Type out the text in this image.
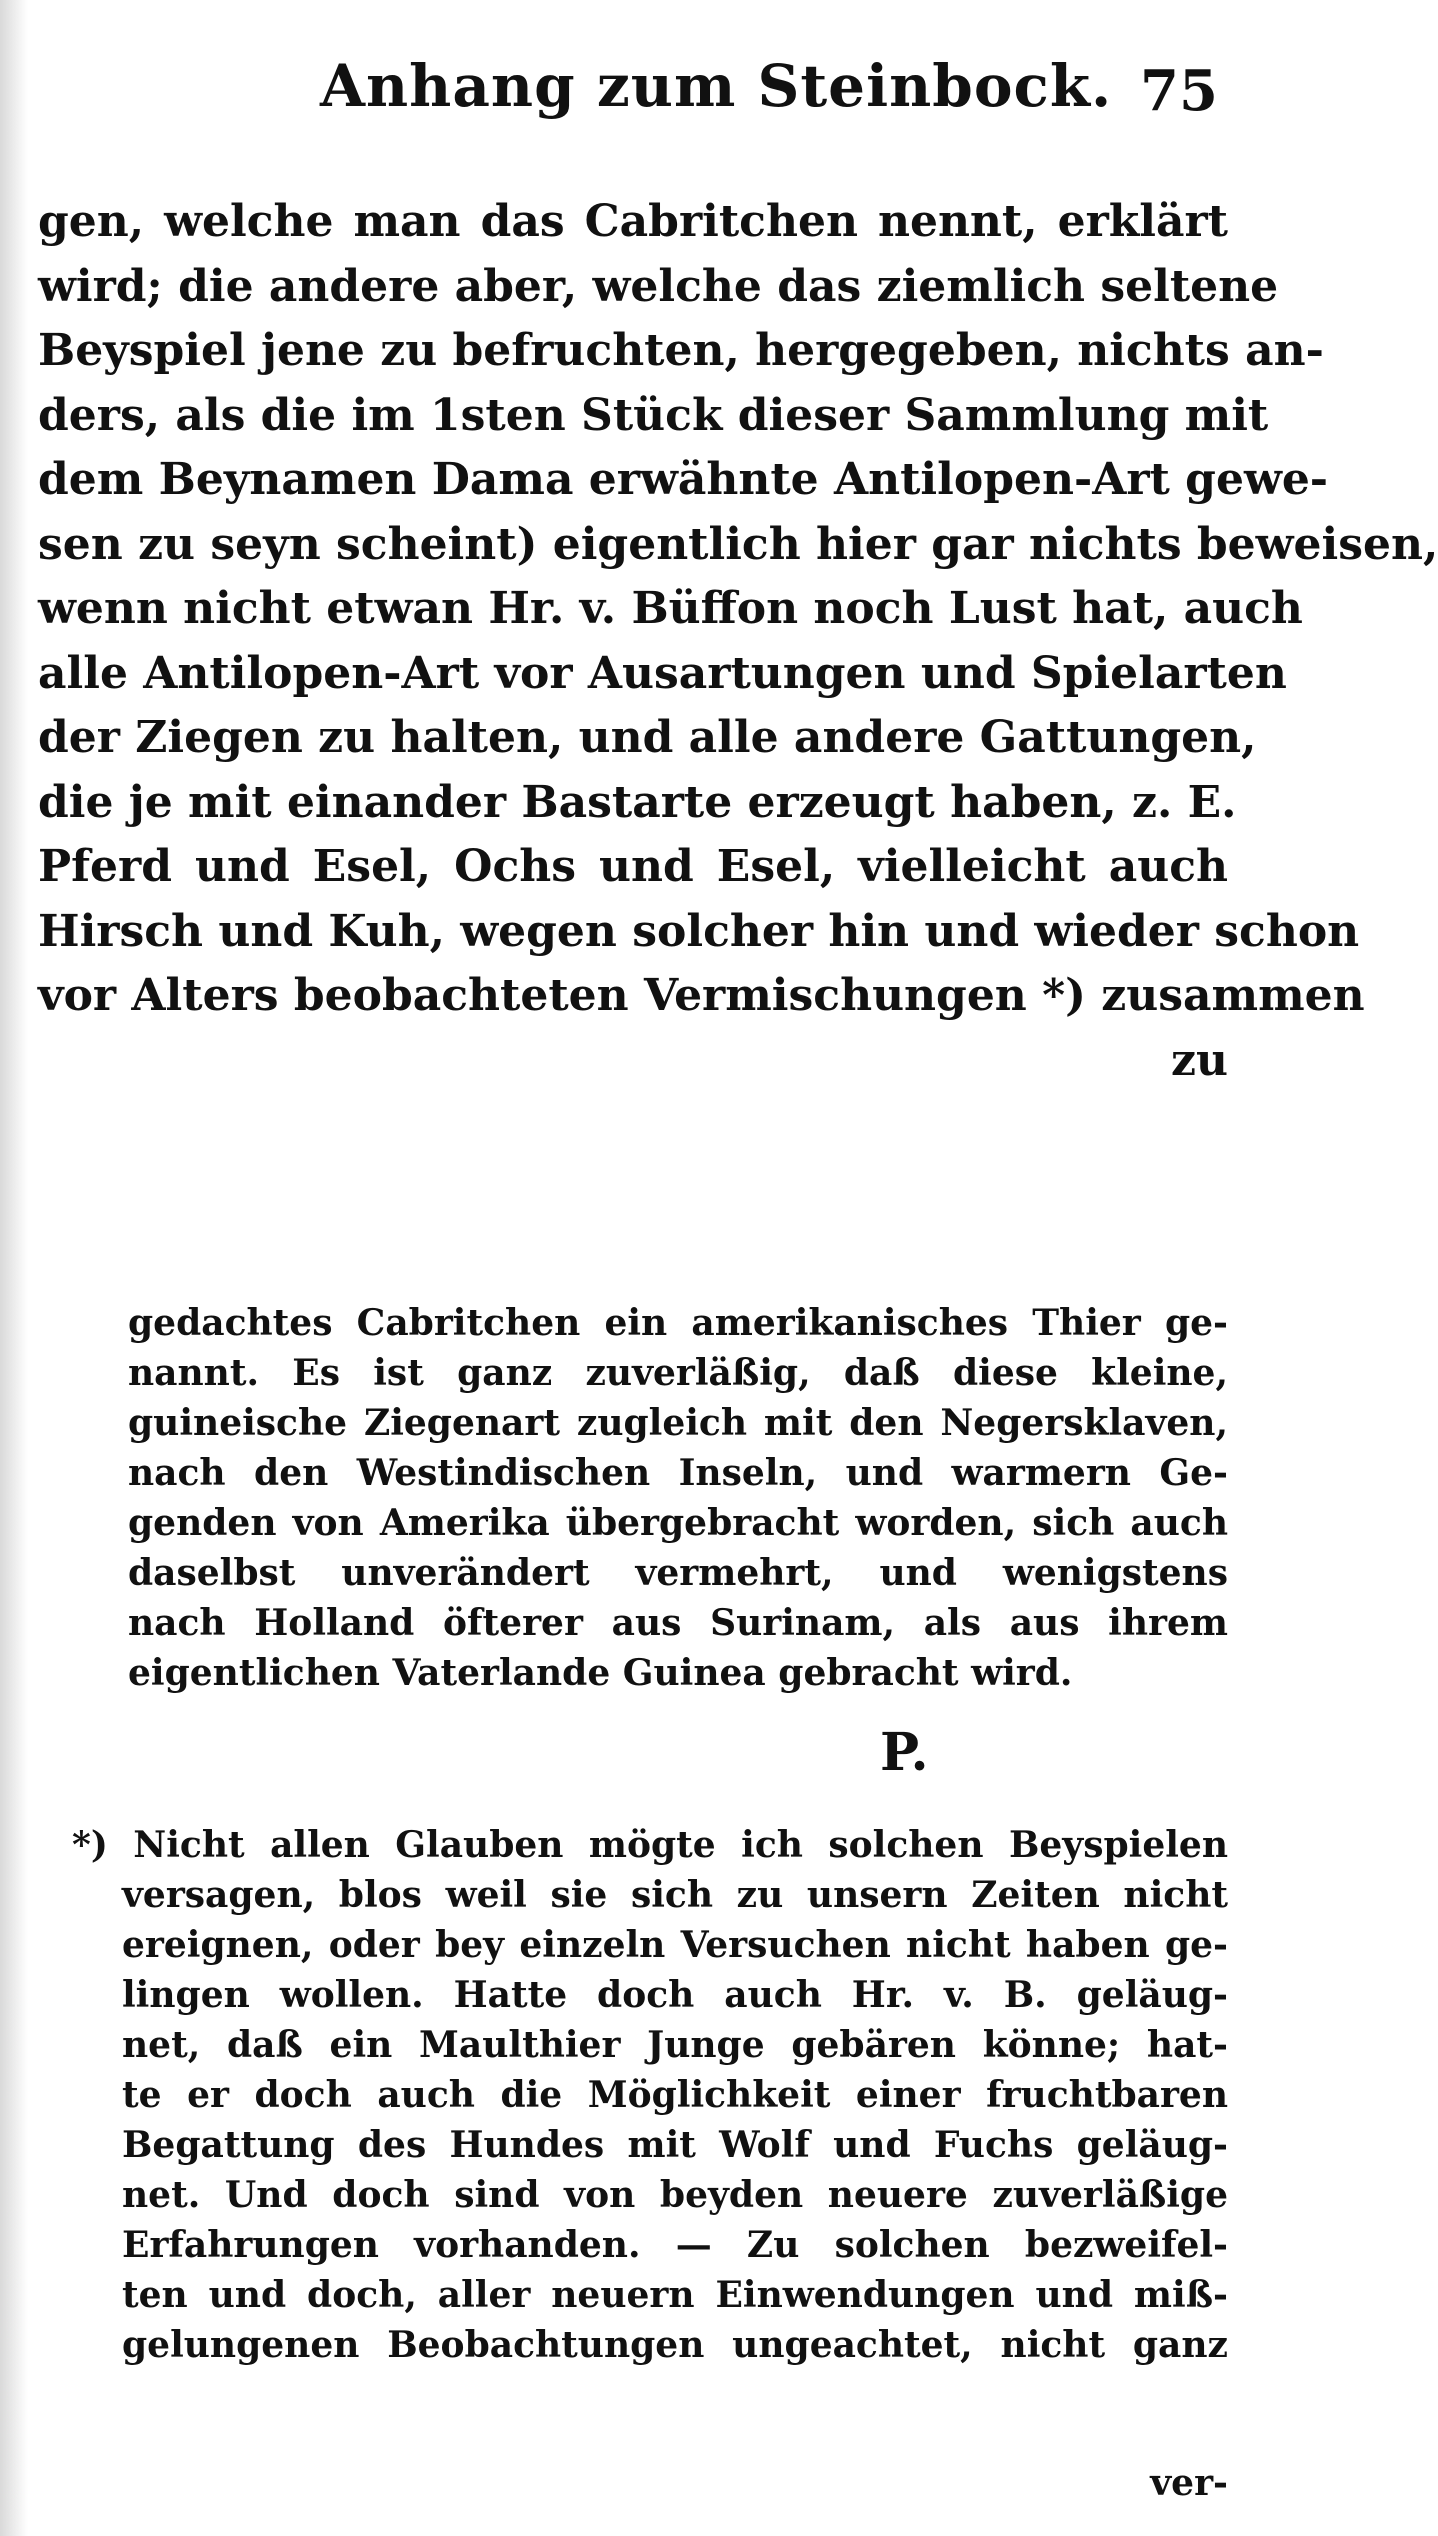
Anhang zum Steinbock. 75
gen, welche man das Cabritchen nennt, erklärt
wird; die andere aber, welche das ziemlich seltene
Beyspiel jene zu befruchten, hergegeben, nichts an-
ders, als die im 1sten Stück dieser Sammlung mit
dem Beynamen Dama erwähnte Antilopen-Art gewe-
sen zu seyn scheint) eigentlich hier gar nichts beweisen,
wenn nicht etwan Hr. v. Büffon noch Lust hat, auch
alle Antilopen-Art vor Ausartungen und Spielarten
der Ziegen zu halten, und alle andere Gattungen,
die je mit einander Bastarte erzeugt haben, z. E.
Pferd und Esel, Ochs und Esel, vielleicht auch
Hirsch und Kuh, wegen solcher hin und wieder schon
vor Alters beobachteten Vermischungen *) zusammen
zu
gedachtes Cabritchen ein amerikanisches Thier ge-
nannt. Es ist ganz zuverläßig, daß diese kleine,
guineische Ziegenart zugleich mit den Negersklaven,
nach den Westindischen Inseln, und warmern Ge-
genden von Amerika übergebracht worden, sich auch
daselbst unverändert vermehrt, und wenigstens
nach Holland öfterer aus Surinam, als aus ihrem
eigentlichen Vaterlande Guinea gebracht wird.
P.
*) Nicht allen Glauben mögte ich solchen Beyspielen
versagen, blos weil sie sich zu unsern Zeiten nicht
ereignen, oder bey einzeln Versuchen nicht haben ge-
lingen wollen. Hatte doch auch Hr. v. B. geläug-
net, daß ein Maulthier Junge gebären könne; hat-
te er doch auch die Möglichkeit einer fruchtbaren
Begattung des Hundes mit Wolf und Fuchs geläug-
net. Und doch sind von beyden neuere zuverläßige
Erfahrungen vorhanden. — Zu solchen bezweifel-
ten und doch, aller neuern Einwendungen und miß-
gelungenen Beobachtungen ungeachtet, nicht ganz
ver-
